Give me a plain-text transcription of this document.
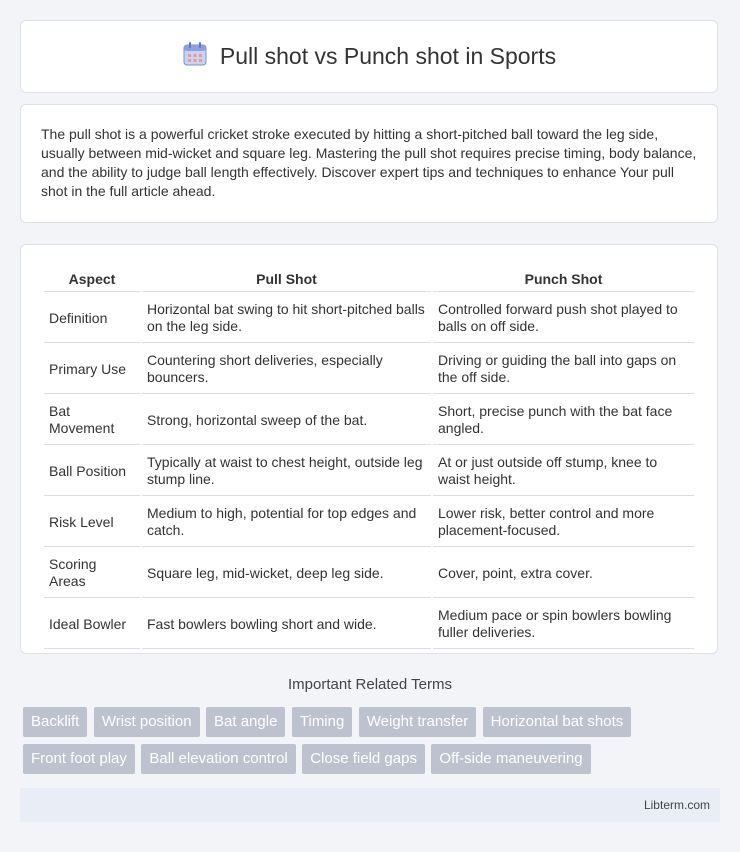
Pull shot vs Punch shot in Sports

The pull shot is a powerful cricket stroke executed by hitting a short-pitched ball toward the leg side, usually between mid-wicket and square leg. Mastering the pull shot requires precise timing, body balance, and the ability to judge ball length effectively. Discover expert tips and techniques to enhance Your pull shot in the full article ahead.

Aspect	Pull Shot	Punch Shot
Definition	Horizontal bat swing to hit short-pitched balls on the leg side.	Controlled forward push shot played to balls on off side.
Primary Use	Countering short deliveries, especially bouncers.	Driving or guiding the ball into gaps on the off side.
Bat Movement	Strong, horizontal sweep of the bat.	Short, precise punch with the bat face angled.
Ball Position	Typically at waist to chest height, outside leg stump line.	At or just outside off stump, knee to waist height.
Risk Level	Medium to high, potential for top edges and catch.	Lower risk, better control and more placement-focused.
Scoring Areas	Square leg, mid-wicket, deep leg side.	Cover, point, extra cover.
Ideal Bowler	Fast bowlers bowling short and wide.	Medium pace or spin bowlers bowling fuller deliveries.
Important Related Terms
Backlift Wrist position Bat angle Timing Weight transfer Horizontal bat shots
Front foot play Ball elevation control Close field gaps Off-side maneuvering
Libterm.com
